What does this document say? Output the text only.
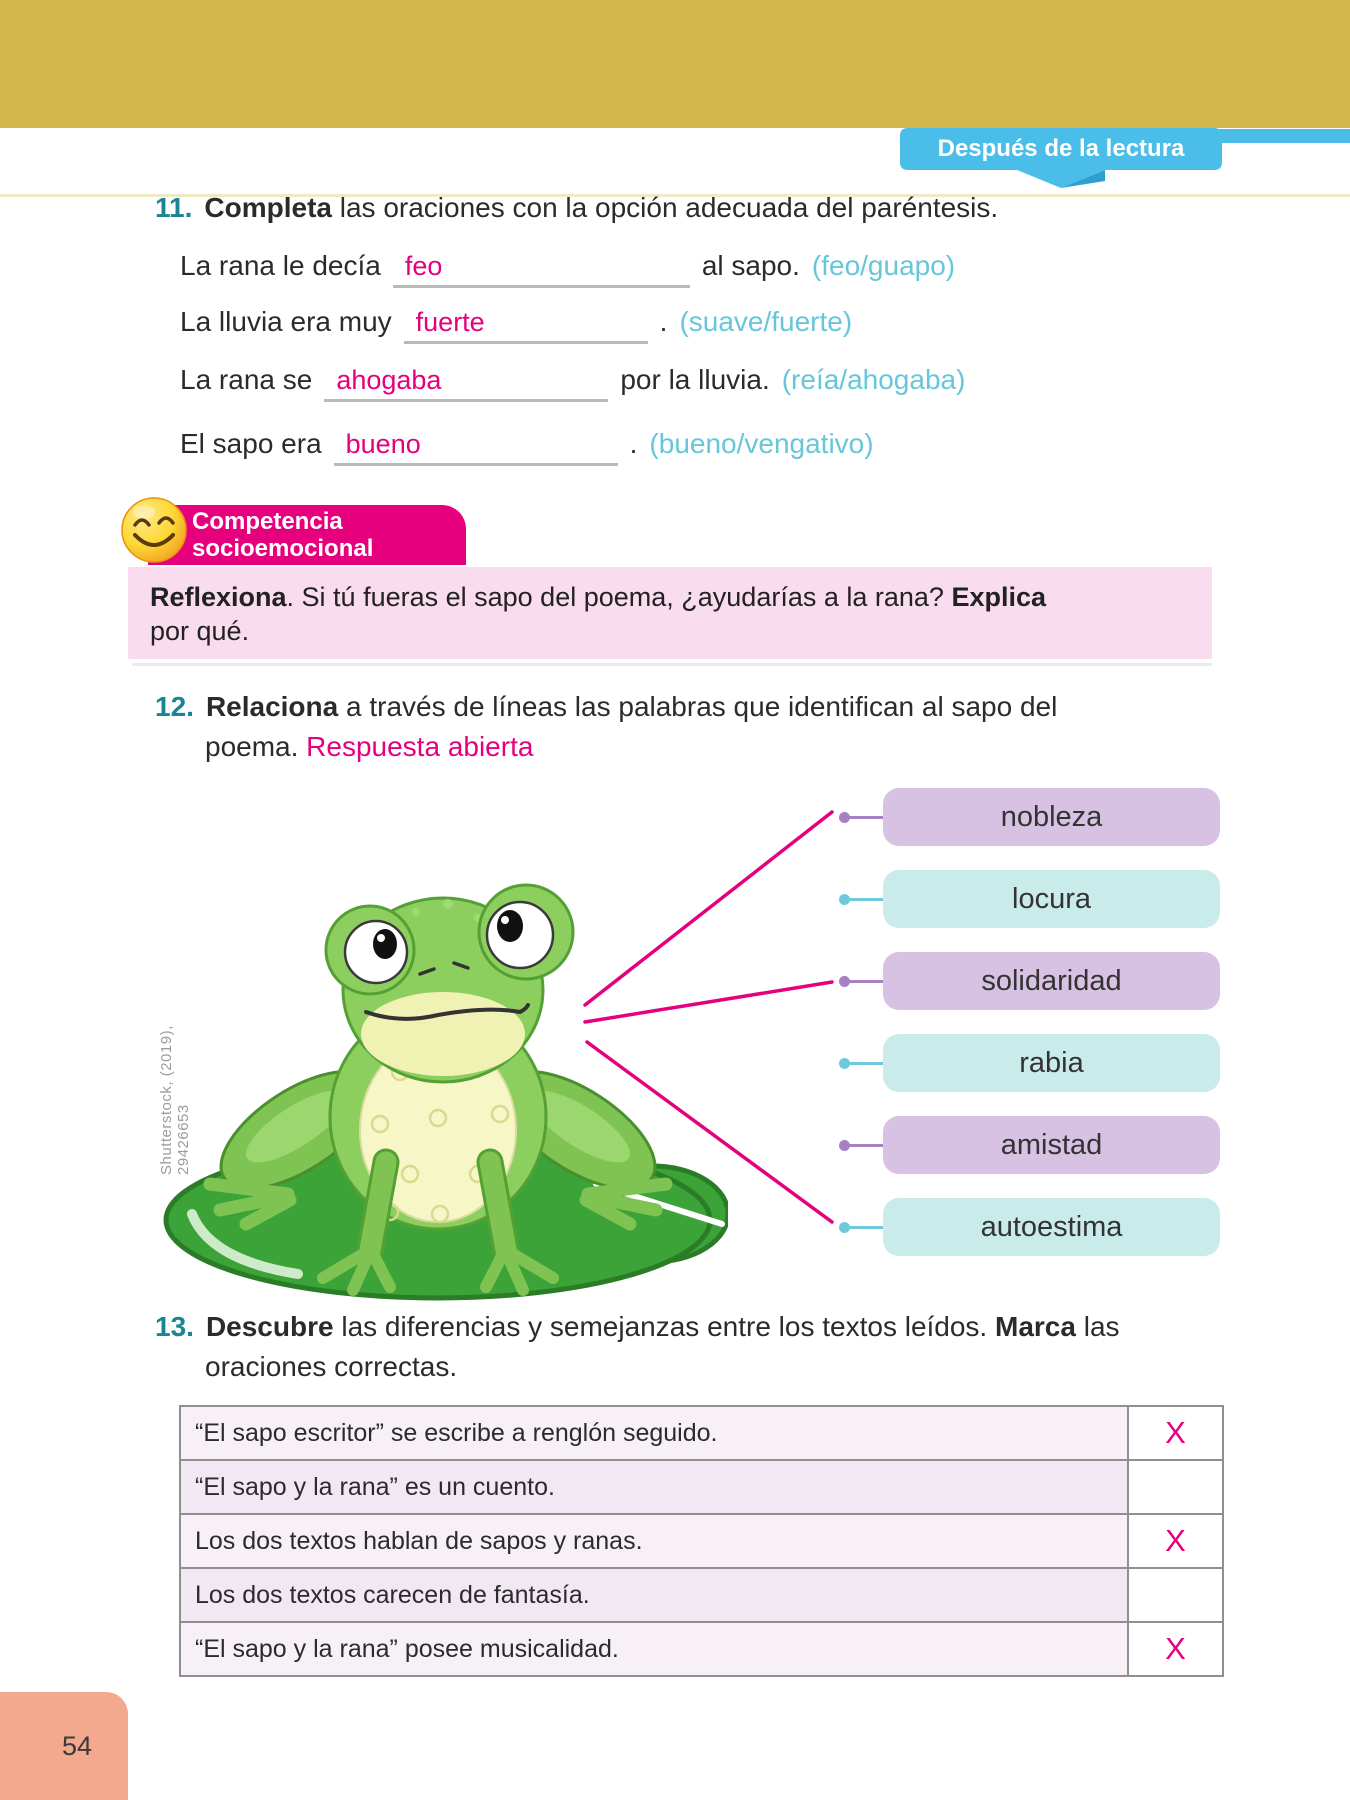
Después de la lectura
11. Completa las oraciones con la opción adecuada del paréntesis.
La rana le decía feo	al sapo. (feo/guapo)
La lluvia era muy fuerte	. (suave/fuerte)
La rana se ahogaba	por la lluvia. (reía/ahogaba)
El sapo era bueno	. (bueno/vengativo)
Competencia
socioemocional
Reflexiona. Si tú fueras el sapo del poema, ¿ayudarías a la rana? Explica
por qué.
12. Relaciona a través de líneas las palabras que identifican al sapo del
poema. Respuesta abierta
Shutterstock, (2019), 29426653
nobleza
locura
solidaridad
rabia
amistad
autoestima
13. Descubre las diferencias y semejanzas entre los textos leídos. Marca las
oraciones correctas.
“El sapo escritor” se escribe a renglón seguido.	X
“El sapo y la rana” es un cuento.
Los dos textos hablan de sapos y ranas.	X
Los dos textos carecen de fantasía.
“El sapo y la rana” posee musicalidad.	X
54
